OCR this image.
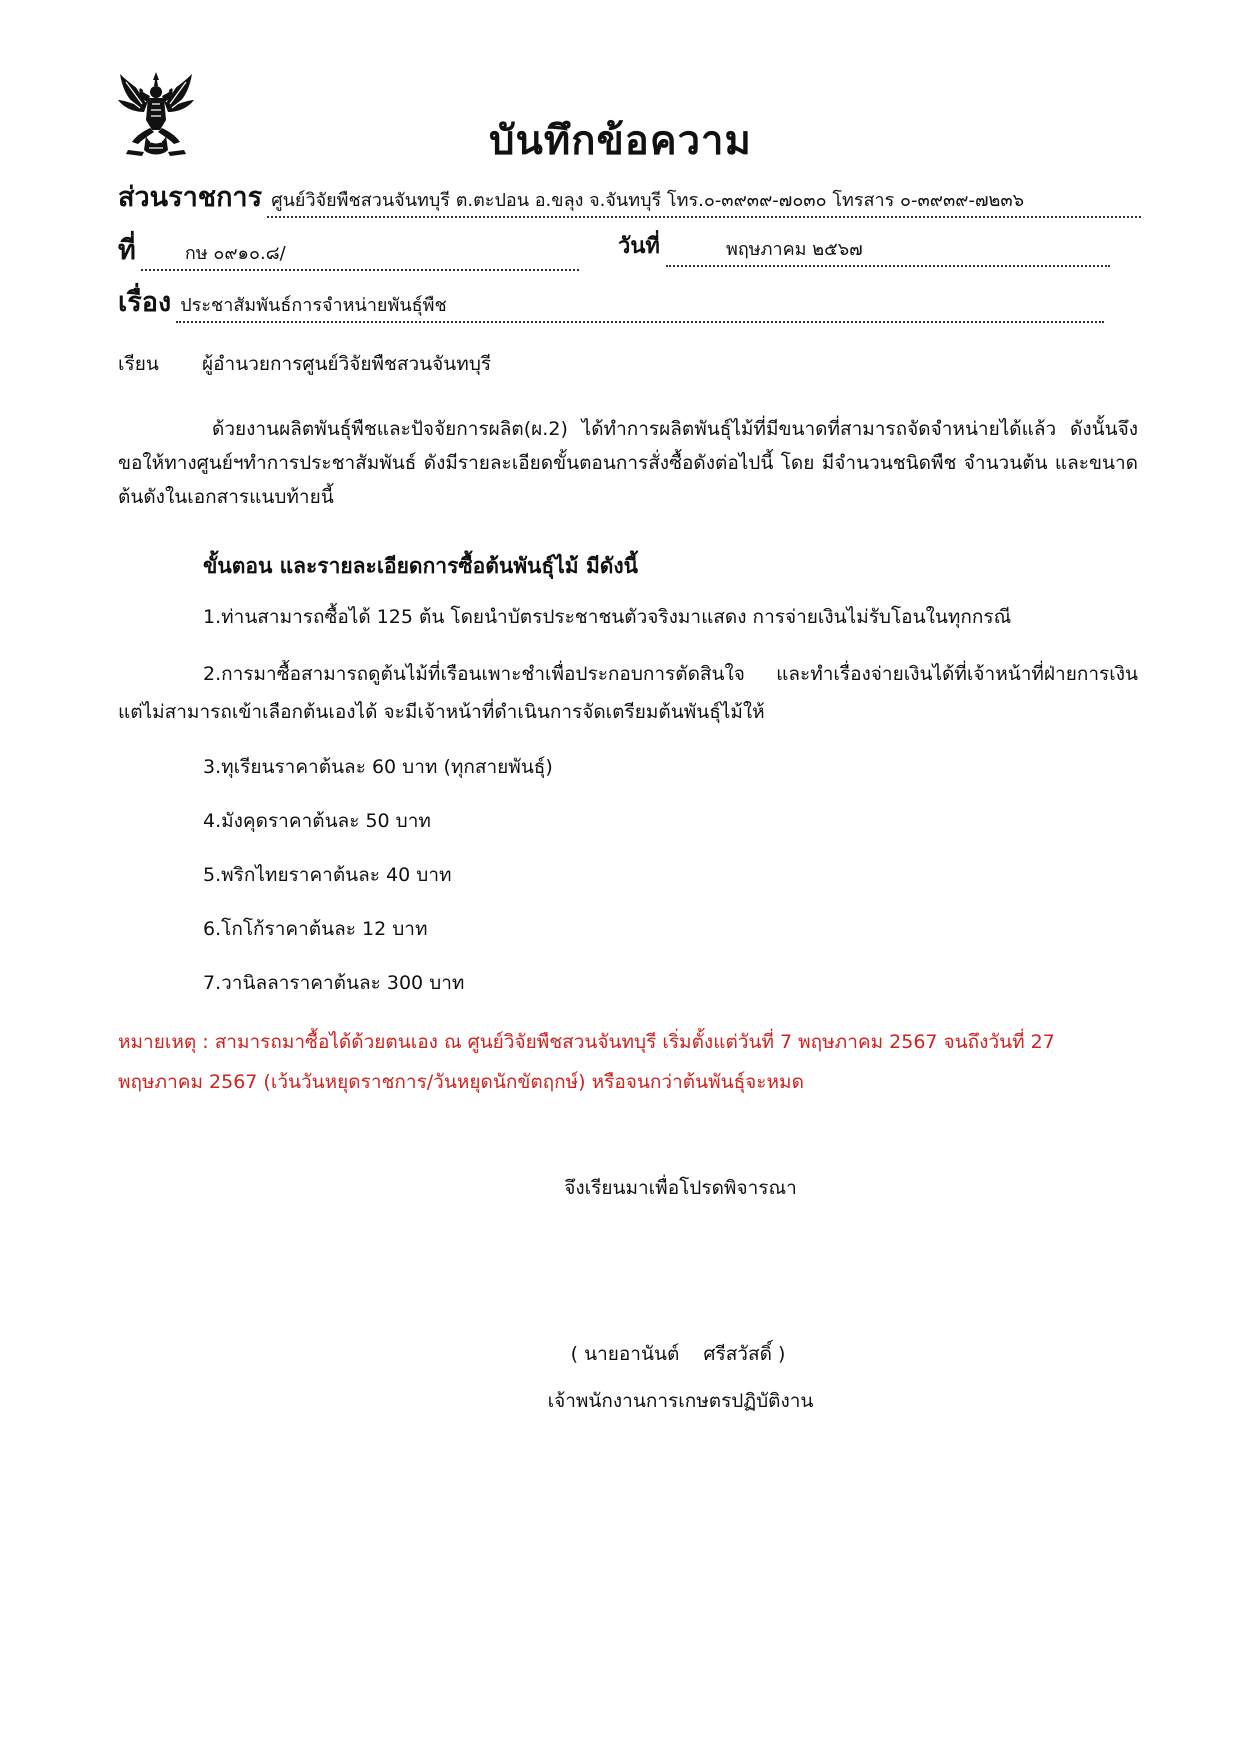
บันทึกข้อความ
ส่วนราชการ ศูนย์วิจัยพืชสวนจันทบุรี ต.ตะปอน อ.ขลุง จ.จันทบุรี โทร.๐-๓๙๓๙-๗๐๓๐ โทรสาร ๐-๓๙๓๙-๗๒๓๖
ที่	กษ ๐๙๑๐.๘/	วันที่	พฤษภาคม ๒๕๖๗
เรื่อง ประชาสัมพันธ์การจำหน่ายพันธุ์พืช
เรียน ผู้อำนวยการศูนย์วิจัยพืชสวนจันทบุรี
ด้วยงานผลิตพันธุ์พืชและปัจจัยการผลิต(ผ.2) ได้ทำการผลิตพันธุ์ไม้ที่มีขนาดที่สามารถจัดจำหน่ายได้แล้ว ดังนั้นจึงขอให้ทางศูนย์ฯทำการประชาสัมพันธ์ ดังมีรายละเอียดขั้นตอนการสั่งซื้อดังต่อไปนี้ โดย มีจำนวนชนิดพืช จำนวนต้น และขนาดต้นดังในเอกสารแนบท้ายนี้
ขั้นตอน และรายละเอียดการซื้อต้นพันธุ์ไม้ มีดังนี้
1.ท่านสามารถซื้อได้ 125 ต้น โดยนำบัตรประชาชนตัวจริงมาแสดง การจ่ายเงินไม่รับโอนในทุกกรณี
2.การมาซื้อสามารถดูต้นไม้ที่เรือนเพาะชำเพื่อประกอบการตัดสินใจ และทำเรื่องจ่ายเงินได้ที่เจ้าหน้าที่ฝ่ายการเงิน แต่ไม่สามารถเข้าเลือกต้นเองได้ จะมีเจ้าหน้าที่ดำเนินการจัดเตรียมต้นพันธุ์ไม้ให้
3.ทุเรียนราคาต้นละ 60 บาท (ทุกสายพันธุ์)
4.มังคุดราคาต้นละ 50 บาท
5.พริกไทยราคาต้นละ 40 บาท
6.โกโก้ราคาต้นละ 12 บาท
7.วานิลลาราคาต้นละ 300 บาท
หมายเหตุ : สามารถมาซื้อได้ด้วยตนเอง ณ ศูนย์วิจัยพืชสวนจันทบุรี เริ่มตั้งแต่วันที่ 7 พฤษภาคม 2567 จนถึงวันที่ 27 พฤษภาคม 2567 (เว้นวันหยุดราชการ/วันหยุดนักขัตฤกษ์) หรือจนกว่าต้นพันธุ์จะหมด
จึงเรียนมาเพื่อโปรดพิจารณา
( นายอานันต์    ศรีสวัสดิ์ )
เจ้าพนักงานการเกษตรปฏิบัติงาน
